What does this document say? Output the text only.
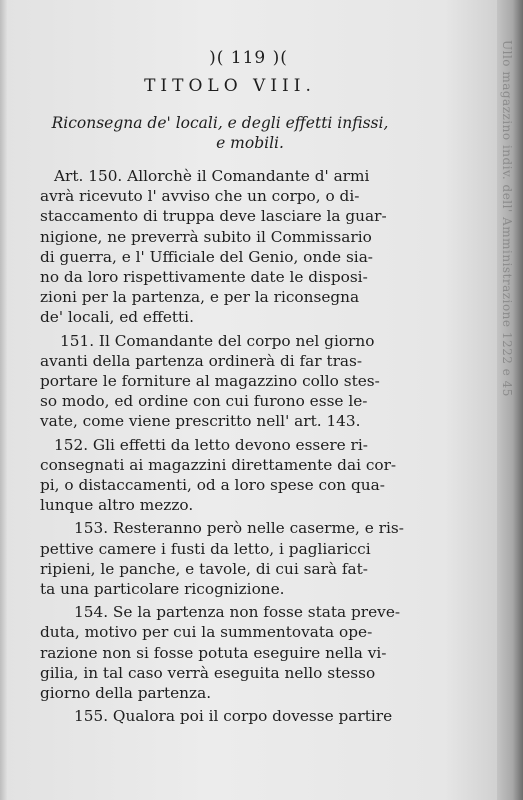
Ullo magazzino indiv. dell' Amministrazione 1222 e 45
)( 119 )(
TITOLO VIII.
Riconsegna de' locali, e degli effetti infissi,
e mobili.

Art. 150. Allorchè il Comandante d' armi
avrà ricevuto l' avviso che un corpo, o di-
staccamento di truppa deve lasciare la guar-
nigione, ne preverrà subito il Commissario
di guerra, e l' Ufficiale del Genio, onde sia-
no da loro rispettivamente date le disposi-
zioni per la partenza, e per la riconsegna
de' locali, ed effetti.

151. Il Comandante del corpo nel giorno
avanti della partenza ordinerà di far tras-
portare le forniture al magazzino collo stes-
so modo, ed ordine con cui furono esse le-
vate, come viene prescritto nell' art. 143.

152. Gli effetti da letto devono essere ri-
consegnati ai magazzini direttamente dai cor-
pi, o distaccamenti, od a loro spese con qua-
lunque altro mezzo.

153. Resteranno però nelle caserme, e ris-
pettive camere i fusti da letto, i pagliaricci
ripieni, le panche, e tavole, di cui sarà fat-
ta una particolare ricognizione.

154. Se la partenza non fosse stata preve-
duta, motivo per cui la summentovata ope-
razione non si fosse potuta eseguire nella vi-
gilia, in tal caso verrà eseguita nello stesso
giorno della partenza.

155. Qualora poi il corpo dovesse partire
